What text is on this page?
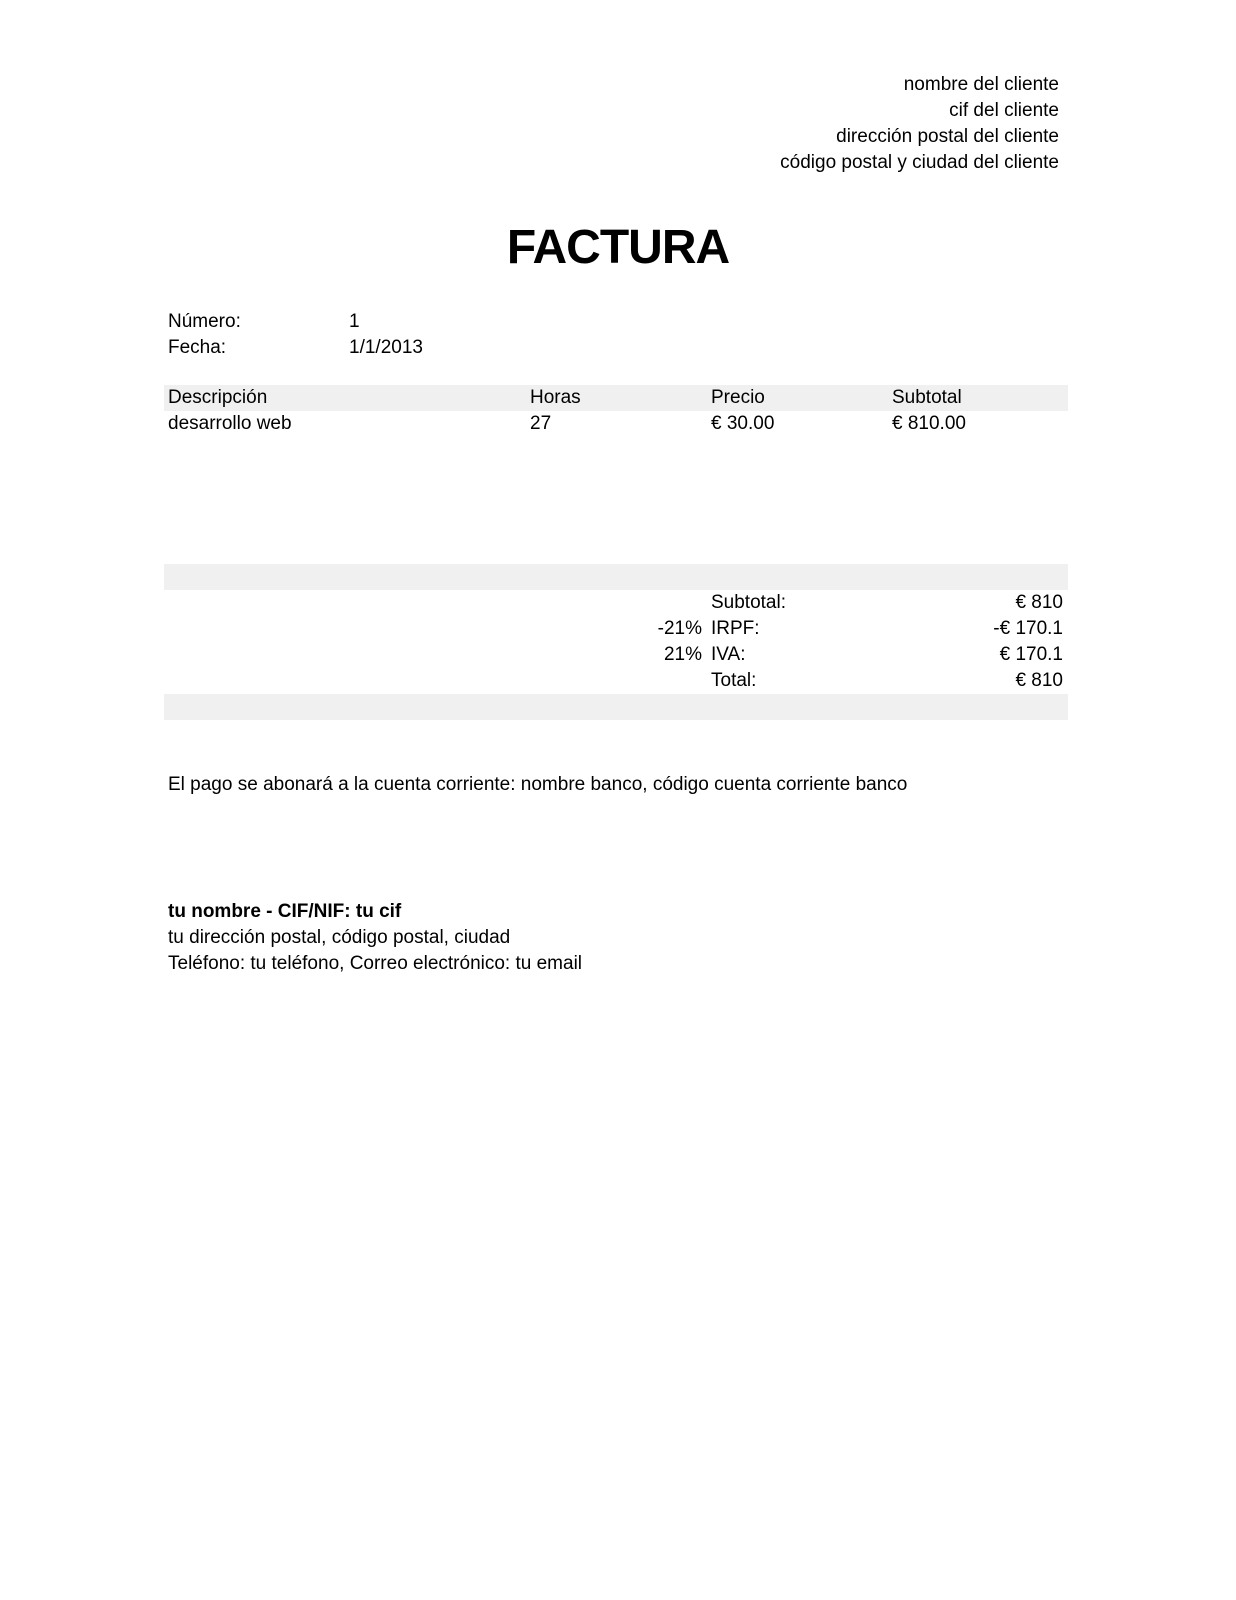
nombre del cliente
cif del cliente
dirección postal del cliente
código postal y ciudad del cliente
FACTURA
Número:	1
Fecha:	1/1/2013
Descripción	Horas	Precio	Subtotal
desarrollo web	27	€ 30.00	€ 810.00
Subtotal:	€ 810
-21% IRPF:	-€ 170.1
21% IVA:	€ 170.1
Total:	€ 810
El pago se abonará a la cuenta corriente: nombre banco, código cuenta corriente banco
tu nombre - CIF/NIF: tu cif
tu dirección postal, código postal, ciudad
Teléfono: tu teléfono, Correo electrónico: tu email
